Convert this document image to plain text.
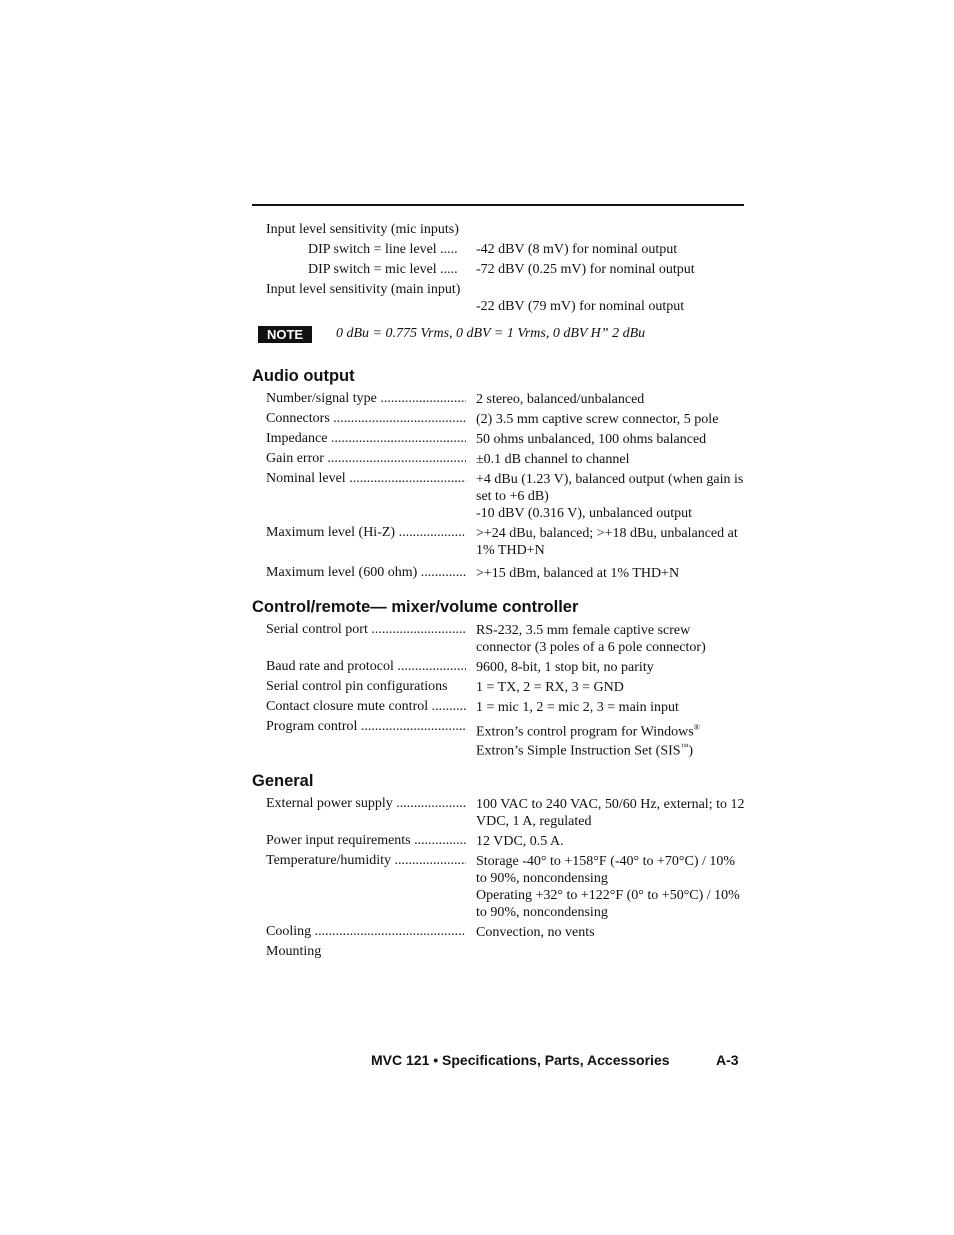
Input level sensitivity (mic inputs)
DIP switch = line level ..... -42 dBV (8 mV) for nominal output
DIP switch = mic level ..... -72 dBV (0.25 mV) for nominal output
Input level sensitivity (main input)
-22 dBV (79 mV) for nominal output
NOTE	0 dBu = 0.775 Vrms, 0 dBV = 1 Vrms, 0 dBV H” 2 dBu
Audio output
Number/signal type .....	2 stereo, balanced/unbalanced
Connectors .....	(2) 3.5 mm captive screw connector, 5 pole
Impedance .....	50 ohms unbalanced, 100 ohms balanced
Gain error .....	±0.1 dB channel to channel
Nominal level .....	+4 dBu (1.23 V), balanced output (when gain is set to +6 dB)
-10 dBV (0.316 V), unbalanced output
Maximum level (Hi-Z) .....	>+24 dBu, balanced; >+18 dBu, unbalanced at 1% THD+N
Maximum level (600 ohm) .....	>+15 dBm, balanced at 1% THD+N
Control/remote— mixer/volume controller
Serial control port .....	RS-232, 3.5 mm female captive screw connector (3 poles of a 6 pole connector)
Baud rate and protocol .....	9600, 8-bit, 1 stop bit, no parity
Serial control pin configurations	1 = TX, 2 = RX, 3 = GND
Contact closure mute control .....	1 = mic 1, 2 = mic 2, 3 = main input
Program control .....	Extron’s control program for Windows®
Extron’s Simple Instruction Set (SIS™)
General
External power supply .....	100 VAC to 240 VAC, 50/60 Hz, external; to 12 VDC, 1 A, regulated
Power input requirements .....	12 VDC, 0.5 A.
Temperature/humidity .....	Storage -40° to +158°F (-40° to +70°C) / 10% to 90%, noncondensing
Operating +32° to +122°F (0° to +50°C) / 10% to 90%, noncondensing
Cooling .....	Convection, no vents
Mounting
MVC 121 • Specifications, Parts, Accessories	A-3
